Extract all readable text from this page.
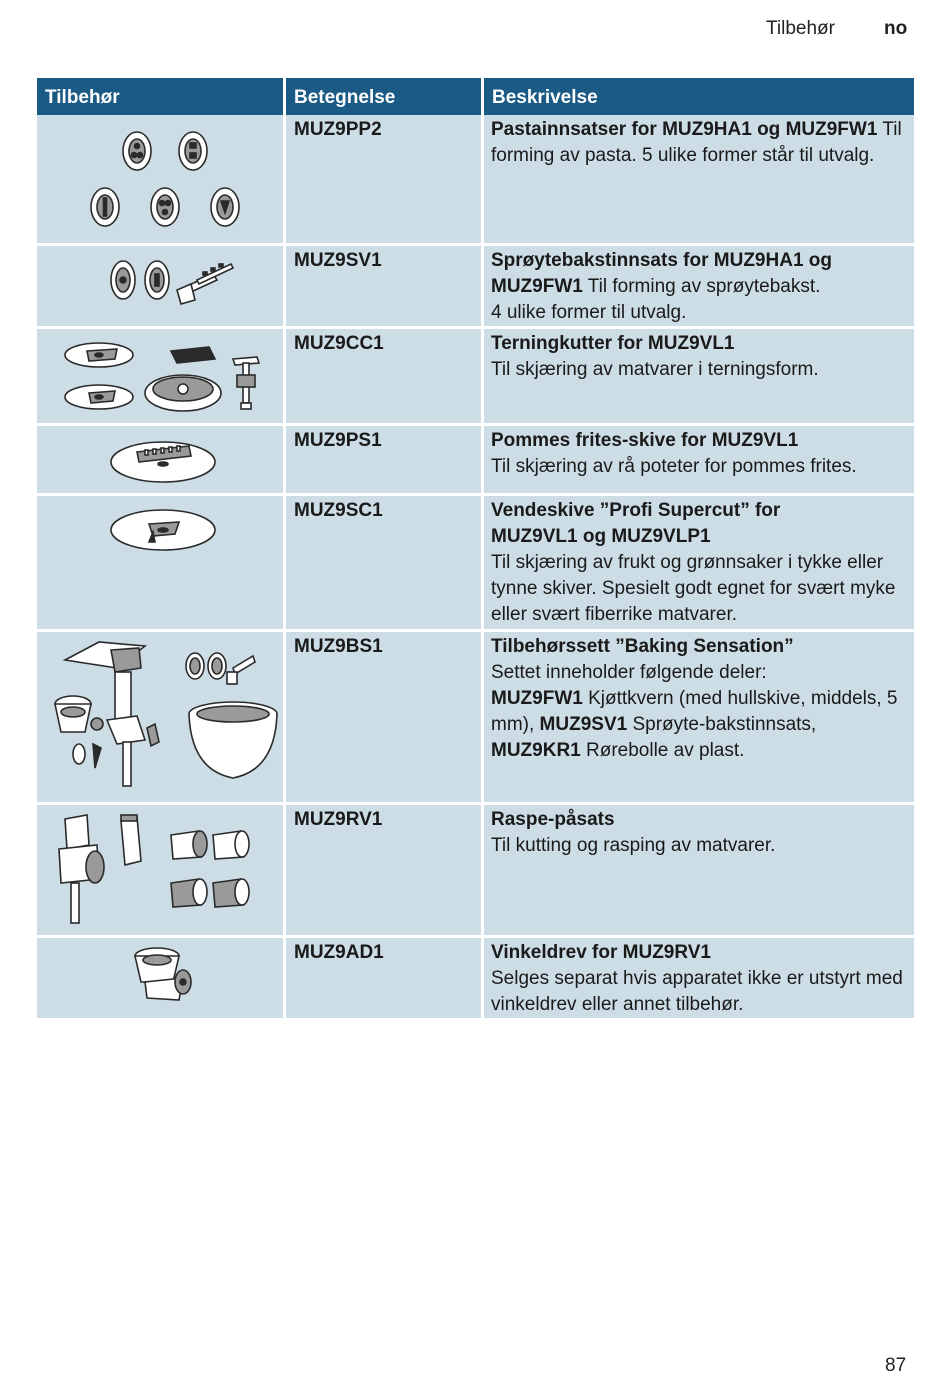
Tilbehør	no
Tilbehør	Betegnelse	Beskrivelse

	MUZ9PP2	Pastainnsatser for MUZ9HA1 og MUZ9FW1 Til forming av pasta. 5 ulike former står til utvalg.

	MUZ9SV1	Sprøytebakstinnsats for MUZ9HA1 og MUZ9FW1 Til forming av sprøytebakst.
4 ulike former til utvalg.

	MUZ9CC1	Terningkutter for MUZ9VL1
Til skjæring av matvarer i terningsform.

	MUZ9PS1	Pommes frites-skive for MUZ9VL1
Til skjæring av rå poteter for pommes frites.

	MUZ9SC1	Vendeskive ”Profi Supercut” for
MUZ9VL1 og MUZ9VLP1
Til skjæring av frukt og grønnsaker i tykke eller tynne skiver. Spesielt godt egnet for svært myke eller svært fiberrike matvarer.

	MUZ9BS1	Tilbehørssett ”Baking Sensation”
Settet inneholder følgende deler:
MUZ9FW1 Kjøttkvern (med hullskive, middels, 5 mm), MUZ9SV1 Sprøyte-bakstinnsats, MUZ9KR1 Rørebolle av plast.

	MUZ9RV1	Raspe-påsats
Til kutting og rasping av matvarer.

	MUZ9AD1	Vinkeldrev for MUZ9RV1
Selges separat hvis apparatet ikke er utstyrt med vinkeldrev eller annet tilbehør.
87
